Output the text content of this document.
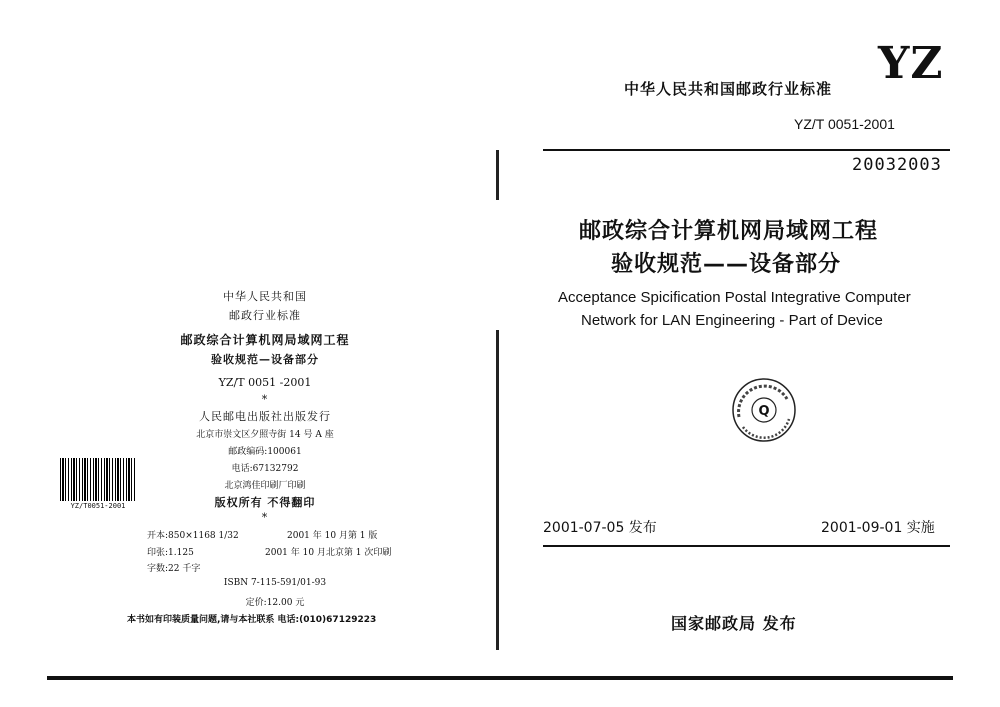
中华人民共和国
邮政行业标准
邮政综合计算机网局域网工程
验收规范—设备部分
YZ/T 0051 -2001
*
人民邮电出版社出版发行
北京市崇文区夕照寺街 14 号 A 座
邮政编码:100061
电话:67132792
北京鸿佳印刷厂印刷
版权所有 不得翻印
*
开本:850×1168 1/32	2001 年 10 月第 1 版
印张:1.125	2001 年 10 月北京第 1 次印刷
字数:22 千字
ISBN 7-115-591/01-93
定价:12.00 元
本书如有印装质量问题,请与本社联系 电话:(010)67129223
YZ/T0051-2001
YZ
中华人民共和国邮政行业标准
YZ/T 0051-2001
20032003
邮政综合计算机网局域网工程
验收规范——设备部分
Acceptance Spicification Postal Integrative Computer
Network for LAN Engineering - Part of Device
Q
2001-07-05 发布	2001-09-01 实施
国家邮政局 发布
